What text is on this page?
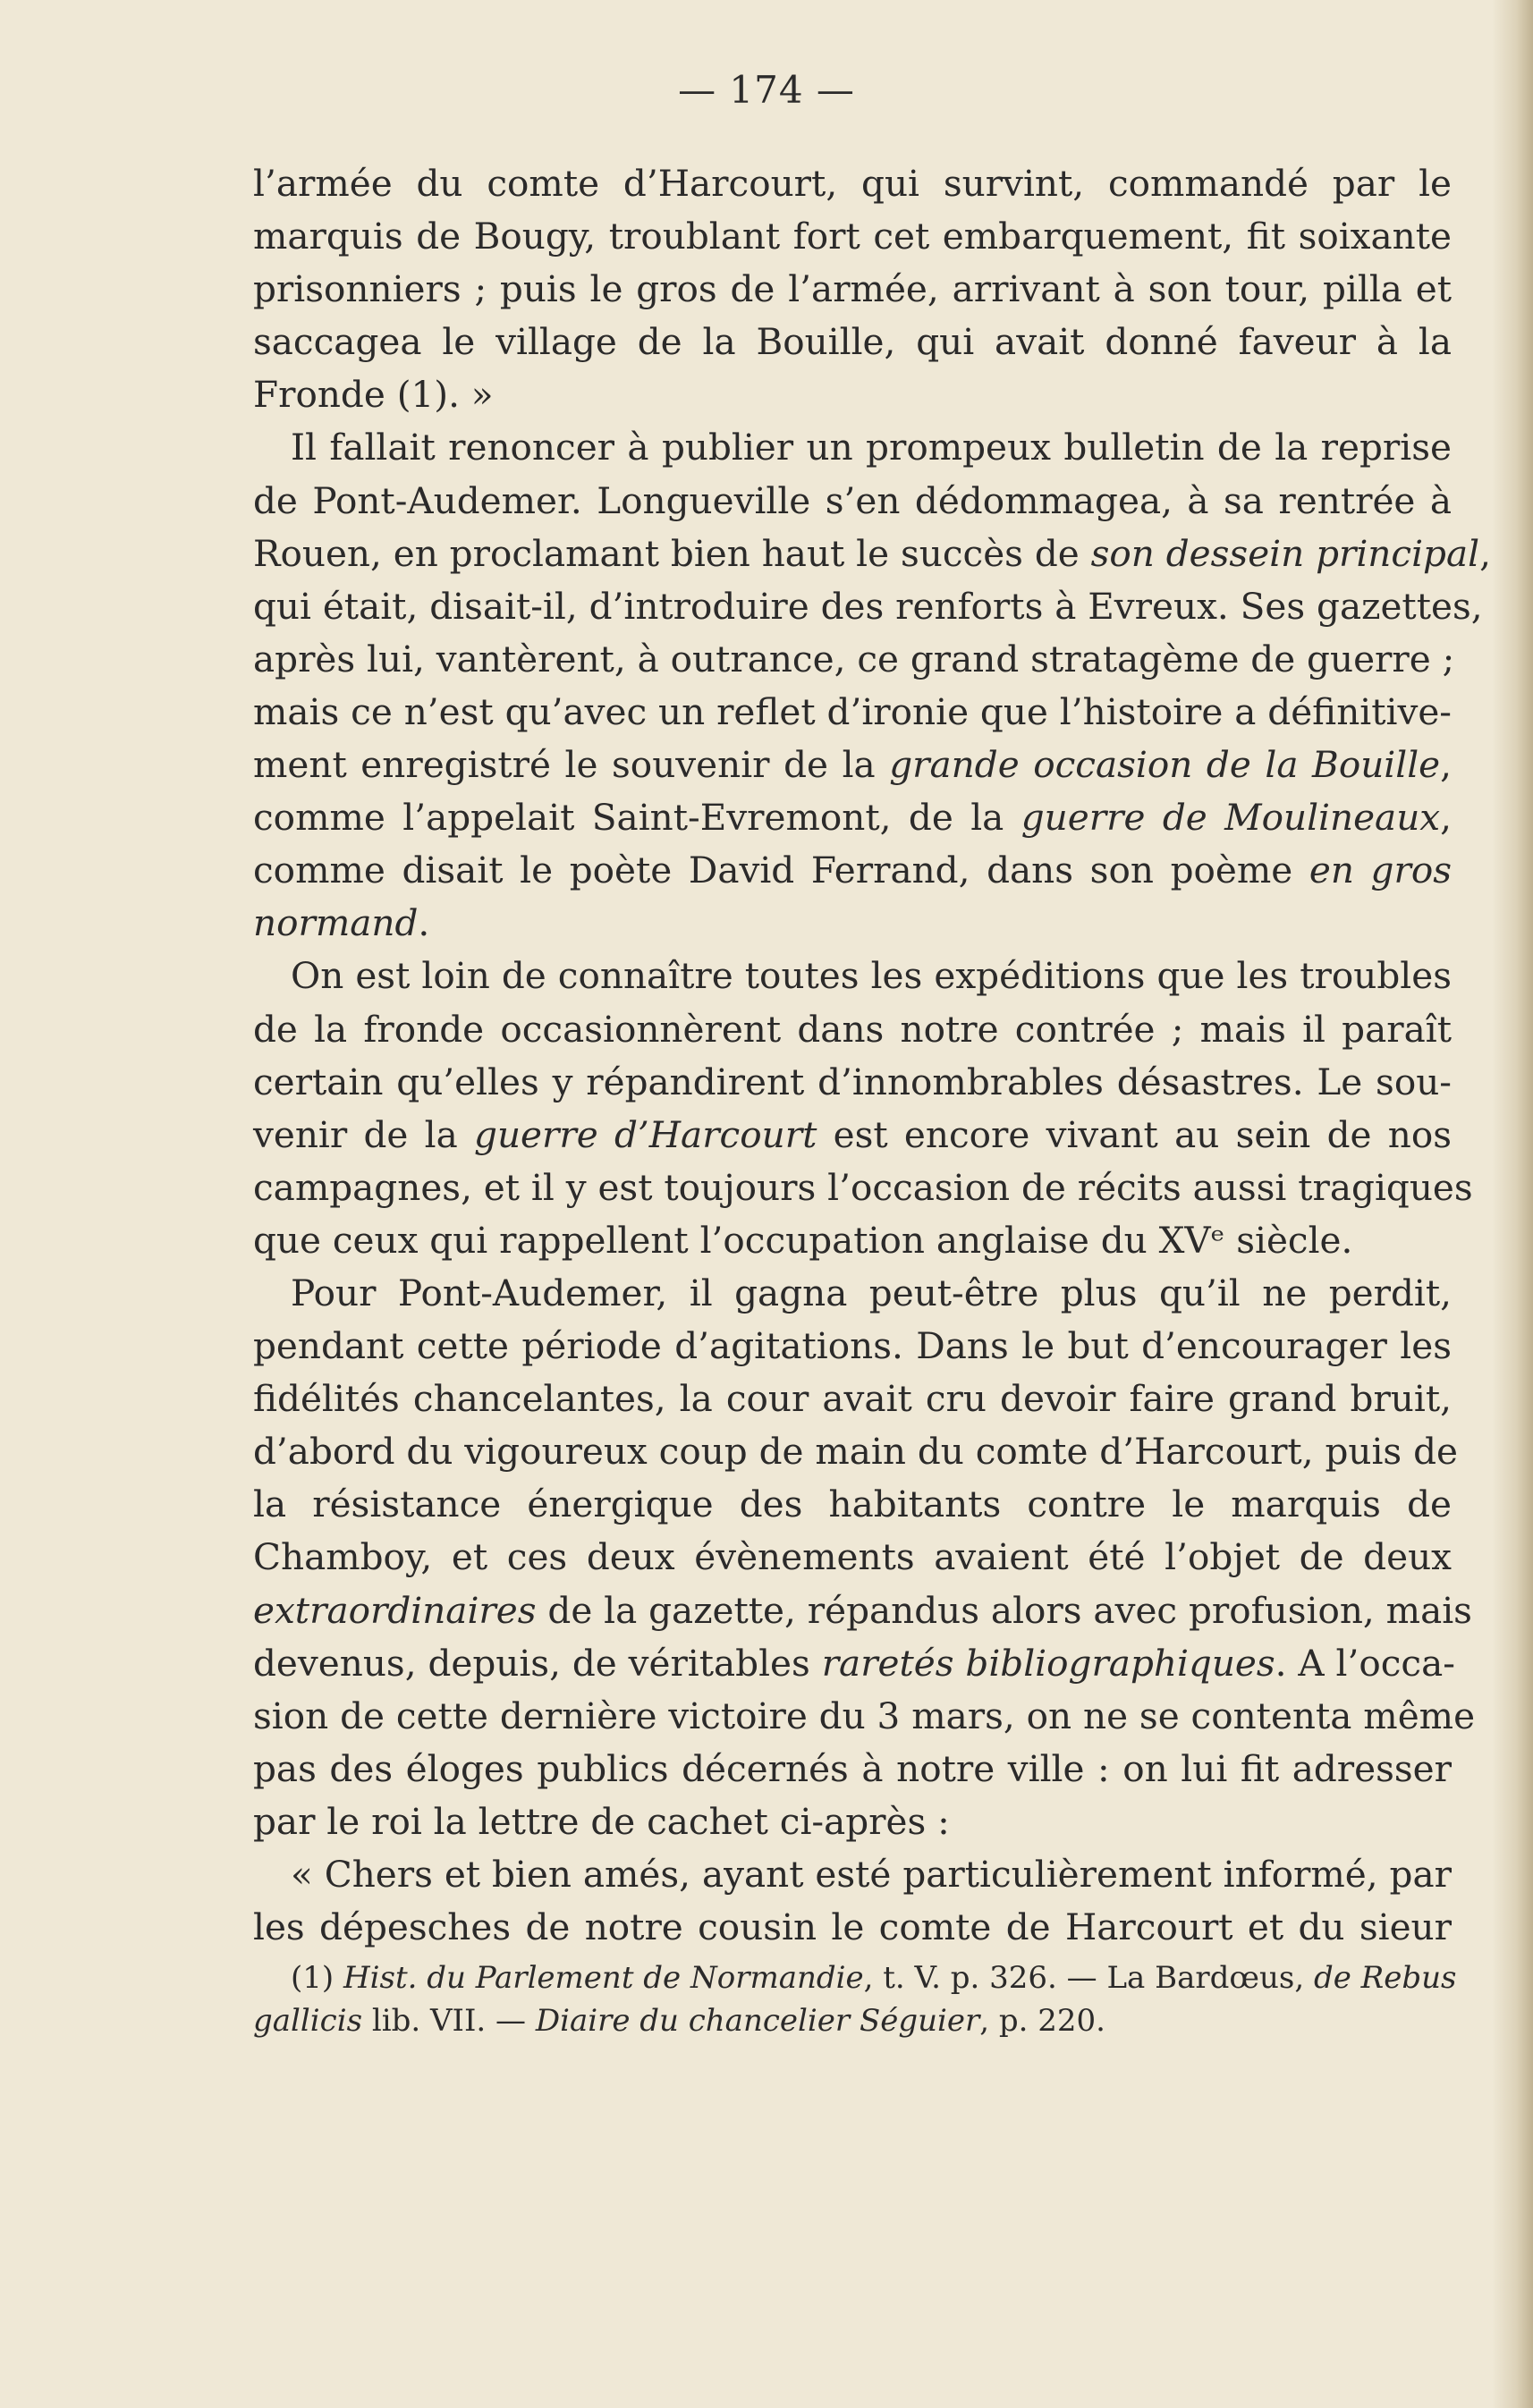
— 174 —
l’armée du comte d’Harcourt, qui survint, commandé par le
marquis de Bougy, troublant fort cet embarquement, fit soixante
prisonniers ; puis le gros de l’armée, arrivant à son tour, pilla et
saccagea le village de la Bouille, qui avait donné faveur à la
Fronde (1). »
Il fallait renoncer à publier un prompeux bulletin de la reprise
de Pont-Audemer. Longueville s’en dédommagea, à sa rentrée à
Rouen, en proclamant bien haut le succès de son dessein principal,
qui était, disait-il, d’introduire des renforts à Evreux. Ses gazettes,
après lui, vantèrent, à outrance, ce grand stratagème de guerre ;
mais ce n’est qu’avec un reflet d’ironie que l’histoire a définitive-
ment enregistré le souvenir de la grande occasion de la Bouille,
comme l’appelait Saint-Evremont, de la guerre de Moulineaux,
comme disait le poète David Ferrand, dans son poème en gros
normand.
On est loin de connaître toutes les expéditions que les troubles
de la fronde occasionnèrent dans notre contrée ; mais il paraît
certain qu’elles y répandirent d’innombrables désastres. Le sou-
venir de la guerre d’Harcourt est encore vivant au sein de nos
campagnes, et il y est toujours l’occasion de récits aussi tragiques
que ceux qui rappellent l’occupation anglaise du XVᵉ siècle.
Pour Pont-Audemer, il gagna peut-être plus qu’il ne perdit,
pendant cette période d’agitations. Dans le but d’encourager les
fidélités chancelantes, la cour avait cru devoir faire grand bruit,
d’abord du vigoureux coup de main du comte d’Harcourt, puis de
la résistance énergique des habitants contre le marquis de
Chamboy, et ces deux évènements avaient été l’objet de deux
extraordinaires de la gazette, répandus alors avec profusion, mais
devenus, depuis, de véritables raretés bibliographiques. A l’occa-
sion de cette dernière victoire du 3 mars, on ne se contenta même
pas des éloges publics décernés à notre ville : on lui fit adresser
par le roi la lettre de cachet ci-après :
« Chers et bien amés, ayant esté particulièrement informé, par
les dépesches de notre cousin le comte de Harcourt et du sieur
(1) Hist. du Parlement de Normandie, t. V. p. 326. — La Bardœus, de Rebus
gallicis lib. VII. — Diaire du chancelier Séguier, p. 220.
